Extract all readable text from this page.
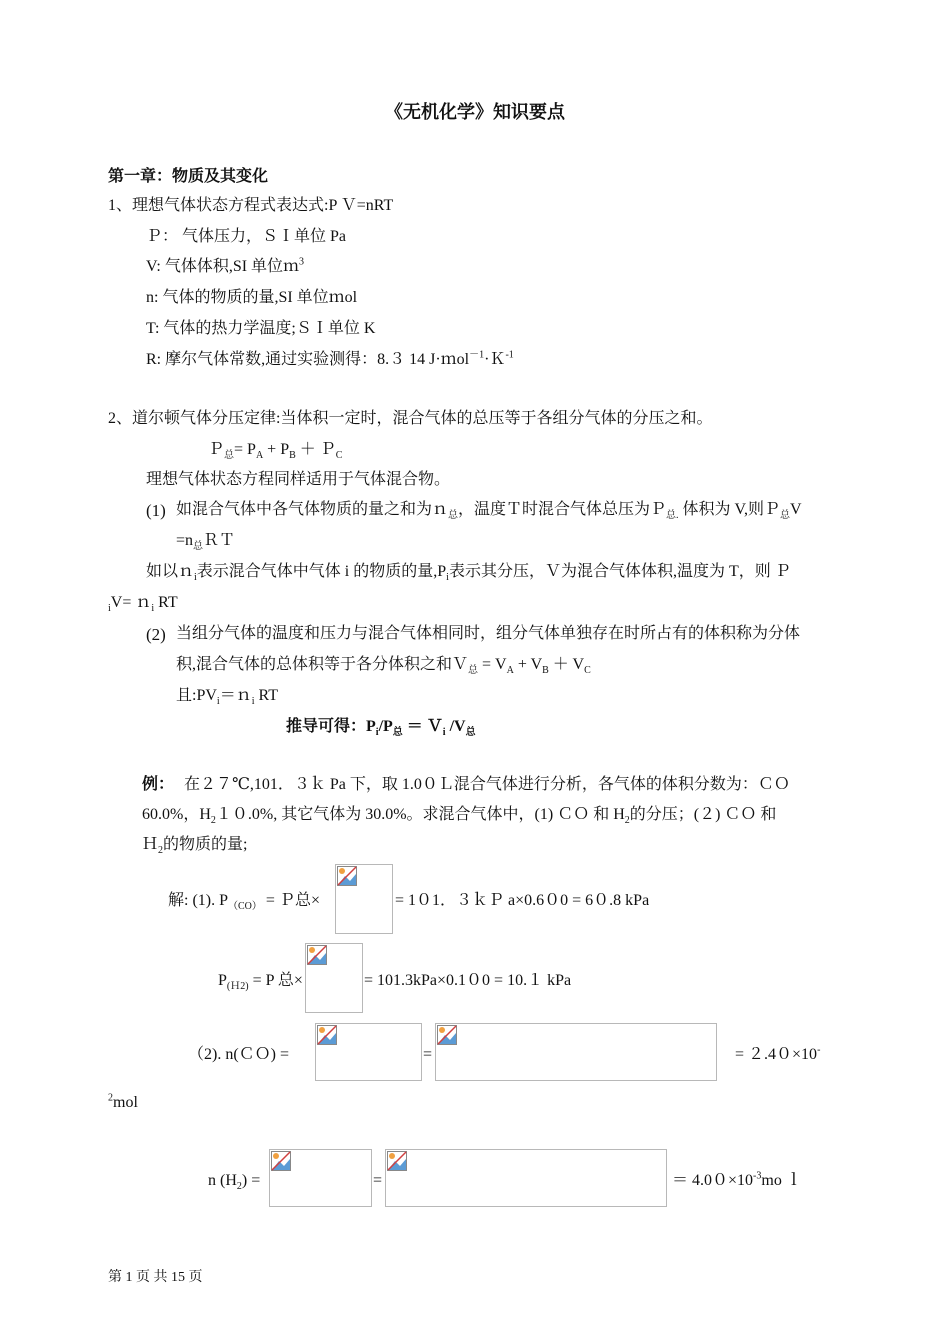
《无机化学》知识要点
第一章：物质及其变化
1、理想气体状态方程式表达式:P Ｖ=nRT
Ｐ： 气体压力，ＳＩ单位 Pa
V: 气体体积,SI 单位ｍ$^3$
n: 气体的物质的量,SI 单位ｍol
T: 气体的热力学温度;ＳＩ单位 K
R: 摩尔气体常数,通过实验测得：8.３ 14 J·ｍol$^{-1}$·Ｋ$^{-1}$
2、道尔顿气体分压定律:当体积一定时，混合气体的总压等于各组分气体的分压之和。
Ｐ$_总$= $P_A + P_B$ ＋ Ｐ$_C$
理想气体状态方程同样适用于气体混合物。
(1) 如混合气体中各气体物质的量之和为ｎ$_总$，温度Ｔ时混合气体总压为Ｐ$_{总.}$ 体积为 V,则Ｐ$_总$V
$=n_总RT$
如以ｎ$_i$表示混合气体中气体 i 的物质的量$,P_i$表示其分压，Ｖ为混合气体体积,温度为 T，则 Ｐ
$_i$V= ｎ$_i$ RT
(2) 当组分气体的温度和压力与混合气体相同时，组分气体单独存在时所占有的体积称为分体
积,混合气体的总体积等于各分体积之和Ｖ$_总$ = $V_A + V_B + V_C$
且$:PV_i=n_i$ RT
推导可得：$P_i/P_总$ ＝ Ｖ$_i$ $/V_总$
例： 在２７℃,101．３ｋ Pa 下，取 1.0０Ｌ混合气体进行分析，各气体的体积分数为：ＣＯ
60.0%，$H_210.0\%$, 其它气体为 30.0%。求混合气体中，(1) ＣＯ 和 $H_2$的分压；(２) ＣＯ 和
Ｈ$_2$的物质的量;
解: (1). $P_{(CO)}$ = Ｐ总×	= 1０1．３ｋＰ a×0.6０0 = 6０.8 kPa
$P_{(H2)} = P$ 总×	= 101.3kPa×0.1０0 = 10.１ kPa
（2). n(ＣＯ) =	=	= ２.4０×10-
$^2$mol
n $(H_2)$ =	=	＝ $4.00\times 10^{-3}mo$ ｌ
第 1 页 共 15 页
